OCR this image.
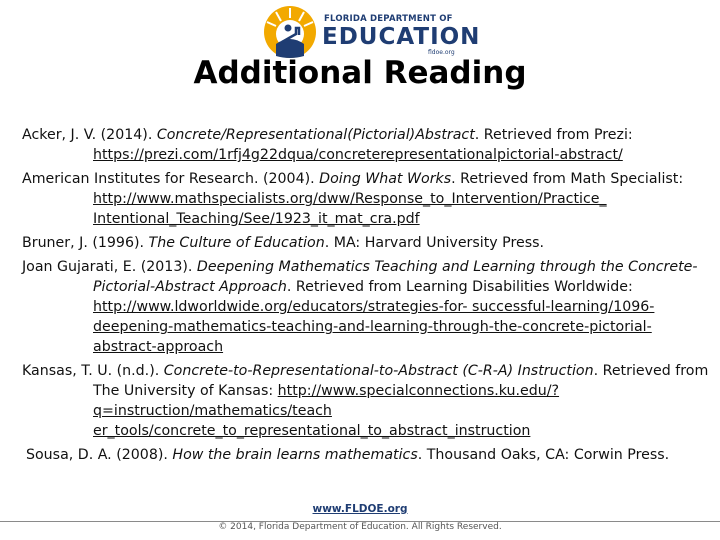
FLORIDA DEPARTMENT OF
EDUCATION
fldoe.org
Additional Reading

Acker, J. V. (2014). Concrete/Representational(Pictorial)Abstract. Retrieved from Prezi: https://prezi.com/1rfj4g22dqua/concreterepresentationalpictorial-abstract/

American Institutes for Research. (2004). Doing What Works. Retrieved from Math Specialist: http://www.mathspecialists.org/dww/Response_to_Intervention/Practice_ Intentional_Teaching/See/1923_it_mat_cra.pdf

Bruner, J. (1996). The Culture of Education. MA: Harvard University Press.

Joan Gujarati, E. (2013). Deepening Mathematics Teaching and Learning through the Concrete-Pictorial-Abstract Approach. Retrieved from Learning Disabilities Worldwide: http://www.ldworldwide.org/educators/strategies-for- successful-learning/1096-deepening-mathematics-teaching-and-learning-through-the-concrete-pictorial-abstract-approach

Kansas, T. U. (n.d.). Concrete-to-Representational-to-Abstract (C-R-A) Instruction. Retrieved from The University of Kansas: http://www.specialconnections.ku.edu/?q=instruction/mathematics/teach er_tools/concrete_to_representational_to_abstract_instruction

Sousa, D. A. (2008). How the brain learns mathematics. Thousand Oaks, CA: Corwin Press.

www.FLDOE.org
© 2014, Florida Department of Education. All Rights Reserved.
